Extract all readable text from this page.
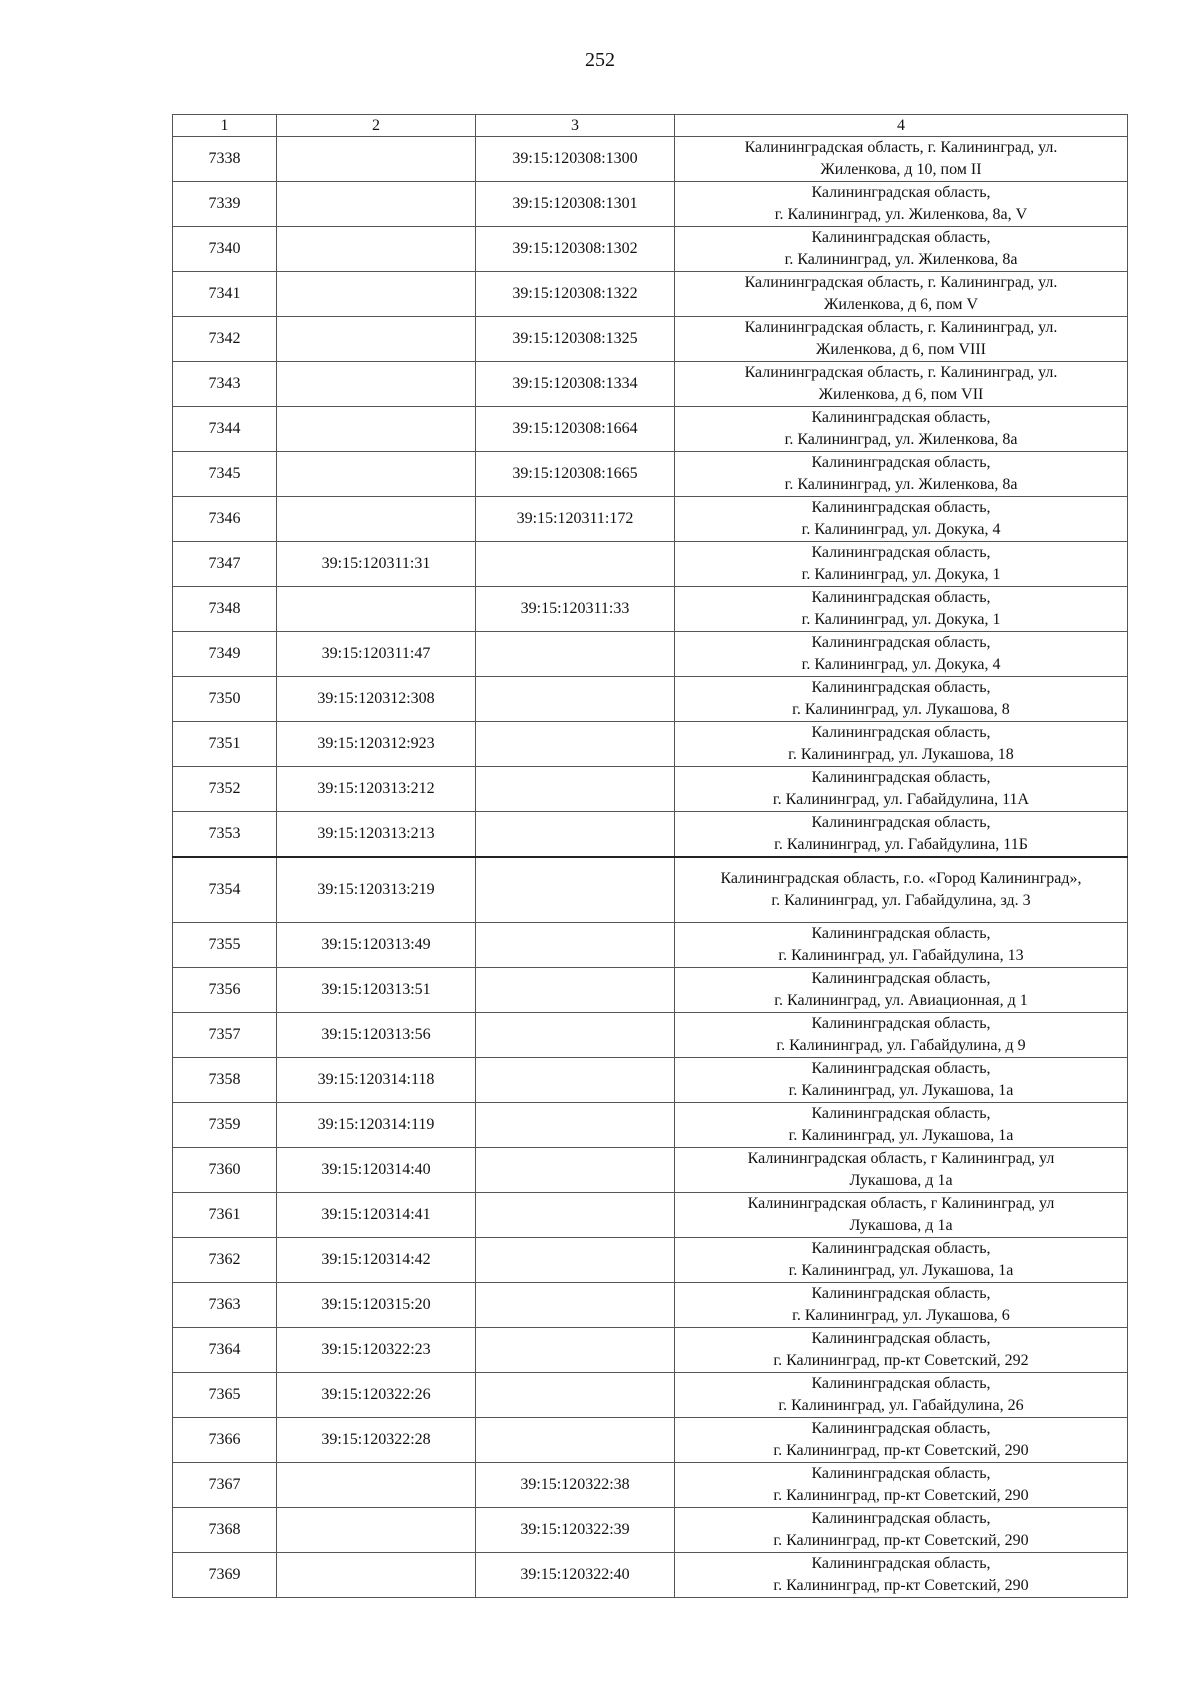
252
1	2	3	4
7338		39:15:120308:1300	Калининградская область, г. Калининград, ул.
Жиленкова, д 10, пом II

7339		39:15:120308:1301	Калининградская область,
г. Калининград, ул. Жиленкова, 8а, V

7340		39:15:120308:1302	Калининградская область,
г. Калининград, ул. Жиленкова, 8а

7341		39:15:120308:1322	Калининградская область, г. Калининград, ул.
Жиленкова, д 6, пом V

7342		39:15:120308:1325	Калининградская область, г. Калининград, ул.
Жиленкова, д 6, пом VIII

7343		39:15:120308:1334	Калининградская область, г. Калининград, ул.
Жиленкова, д 6, пом VII

7344		39:15:120308:1664	Калининградская область,
г. Калининград, ул. Жиленкова, 8а

7345		39:15:120308:1665	Калининградская область,
г. Калининград, ул. Жиленкова, 8а

7346		39:15:120311:172	Калининградская область,
г. Калининград, ул. Докука, 4

7347	39:15:120311:31		Калининградская область,
г. Калининград, ул. Докука, 1

7348		39:15:120311:33	Калининградская область,
г. Калининград, ул. Докука, 1

7349	39:15:120311:47		Калининградская область,
г. Калининград, ул. Докука, 4

7350	39:15:120312:308		Калининградская область,
г. Калининград, ул. Лукашова, 8

7351	39:15:120312:923		Калининградская область,
г. Калининград, ул. Лукашова, 18

7352	39:15:120313:212		Калининградская область,
г. Калининград, ул. Габайдулина, 11А

7353	39:15:120313:213		Калининградская область,
г. Калининград, ул. Габайдулина, 11Б

7354	39:15:120313:219		Калининградская область, г.о. «Город Калининград»,
г. Калининград, ул. Габайдулина, зд. 3

7355	39:15:120313:49		Калининградская область,
г. Калининград, ул. Габайдулина, 13

7356	39:15:120313:51		Калининградская область,
г. Калининград, ул. Авиационная, д 1

7357	39:15:120313:56		Калининградская область,
г. Калининград, ул. Габайдулина, д 9

7358	39:15:120314:118		Калининградская область,
г. Калининград, ул. Лукашова, 1а

7359	39:15:120314:119		Калининградская область,
г. Калининград, ул. Лукашова, 1а

7360	39:15:120314:40		Калининградская область, г Калининград, ул
Лукашова, д 1а

7361	39:15:120314:41		Калининградская область, г Калининград, ул
Лукашова, д 1а

7362	39:15:120314:42		Калининградская область,
г. Калининград, ул. Лукашова, 1а

7363	39:15:120315:20		Калининградская область,
г. Калининград, ул. Лукашова, 6

7364	39:15:120322:23		Калининградская область,
г. Калининград, пр-кт Советский, 292

7365	39:15:120322:26		Калининградская область,
г. Калининград, ул. Габайдулина, 26

7366	39:15:120322:28		Калининградская область,
г. Калининград, пр-кт Советский, 290

7367		39:15:120322:38	Калининградская область,
г. Калининград, пр-кт Советский, 290

7368		39:15:120322:39	Калининградская область,
г. Калининград, пр-кт Советский, 290

7369		39:15:120322:40	Калининградская область,
г. Калининград, пр-кт Советский, 290
